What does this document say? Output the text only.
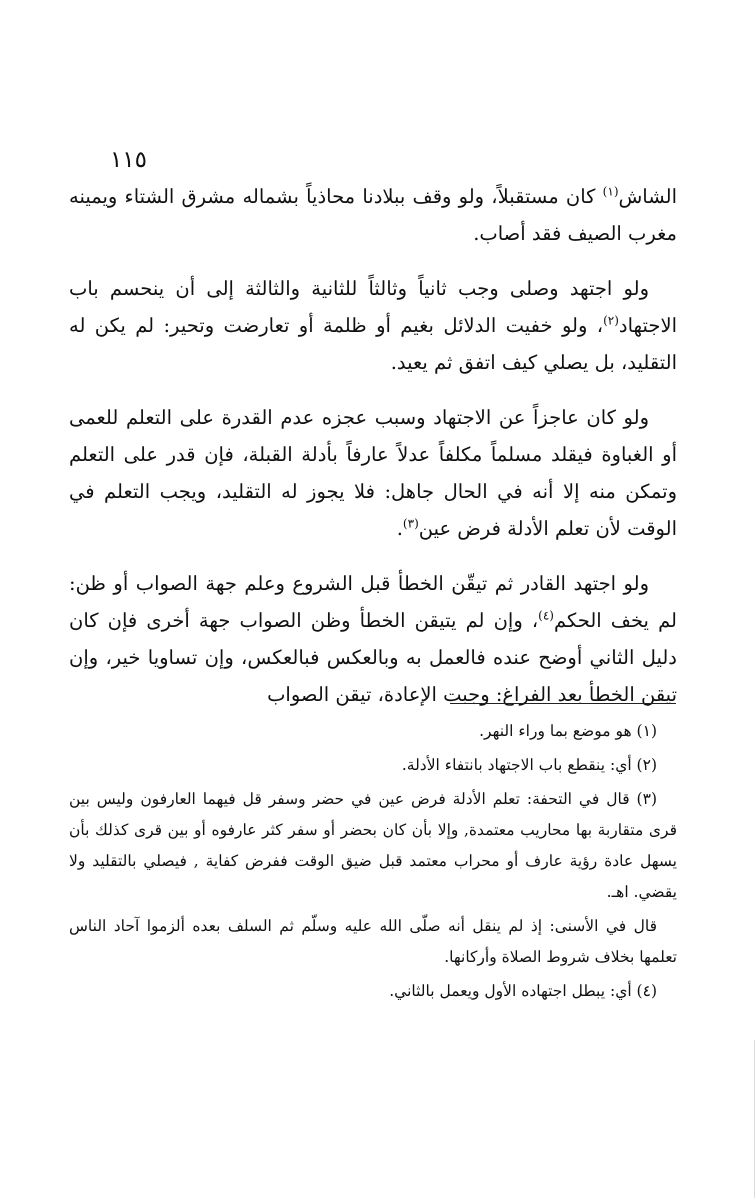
١١٥

الشاش$^{(١)}$ كان مستقبلاً، ولو وقف ببلادنا محاذياً بشماله مشرق الشتاء ويمينه مغرب الصيف فقد أصاب.

ولو اجتهد وصلى وجب ثانياً وثالثاً للثانية والثالثة إلى أن ينحسم باب الاجتهاد$^{(٢)}$، ولو خفيت الدلائل بغيم أو ظلمة أو تعارضت وتحير: لم يكن له التقليد، بل يصلي كيف اتفق ثم يعيد.

ولو كان عاجزاً عن الاجتهاد وسبب عجزه عدم القدرة على التعلم للعمى أو الغباوة فيقلد مسلماً مكلفاً عدلاً عارفاً بأدلة القبلة، فإن قدر على التعلم وتمكن منه إلا أنه في الحال جاهل: فلا يجوز له التقليد، ويجب التعلم في الوقت لأن تعلم الأدلة فرض عين$^{(٣)}$.

ولو اجتهد القادر ثم تيقّن الخطأ قبل الشروع وعلم جهة الصواب أو ظن: لم يخف الحكم$^{(٤)}$، وإن لم يتيقن الخطأ وظن الصواب جهة أخرى فإن كان دليل الثاني أوضح عنده فالعمل به وبالعكس فبالعكس، وإن تساويا خير، وإن تيقن الخطأ بعد الفراغ: وجبت الإعادة، تيقن الصواب

(١) هو موضع بما وراء النهر.

(٢) أي: ينقطع باب الاجتهاد بانتفاء الأدلة.

(٣) قال في التحفة: تعلم الأدلة فرض عين في حضر وسفر قل فيهما العارفون وليس بين قرى متقاربة بها محاريب معتمدة, وإلا بأن كان بحضر أو سفر كثر عارفوه أو بين قرى كذلك بأن يسهل عادة رؤية عارف أو محراب معتمد قبل ضيق الوقت ففرض كفاية , فيصلي بالتقليد ولا يقضي. اهـ.

قال في الأسنى: إذ لم ينقل أنه صلّى الله عليه وسلّم ثم السلف بعده ألزموا آحاد الناس تعلمها بخلاف شروط الصلاة وأركانها.

(٤) أي: يبطل اجتهاده الأول ويعمل بالثاني.
